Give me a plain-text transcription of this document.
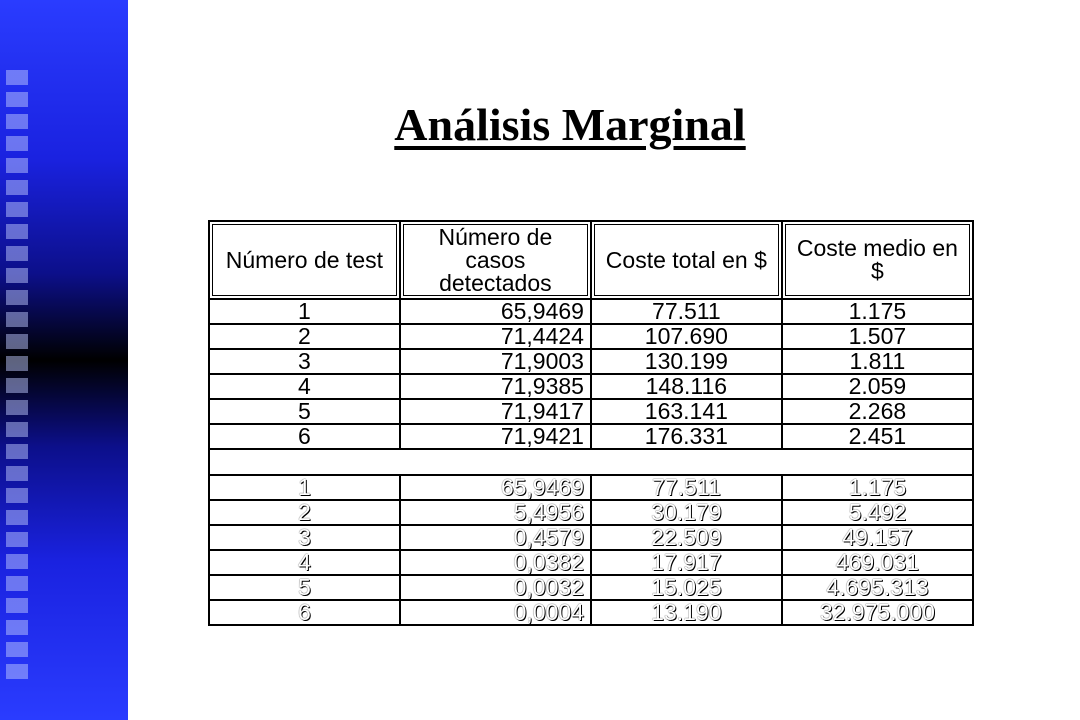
Análisis Marginal
Número de test	Número de casos detectados	Coste total en $	Coste medio en $
1	65,9469	77.511	1.175
2	71,4424	107.690	1.507
3	71,9003	130.199	1.811
4	71,9385	148.116	2.059
5	71,9417	163.141	2.268
6	71,9421	176.331	2.451

1	65,9469	77.511	1.175
2	5,4956	30.179	5.492
3	0,4579	22.509	49.157
4	0,0382	17.917	469.031
5	0,0032	15.025	4.695.313
6	0,0004	13.190	32.975.000
